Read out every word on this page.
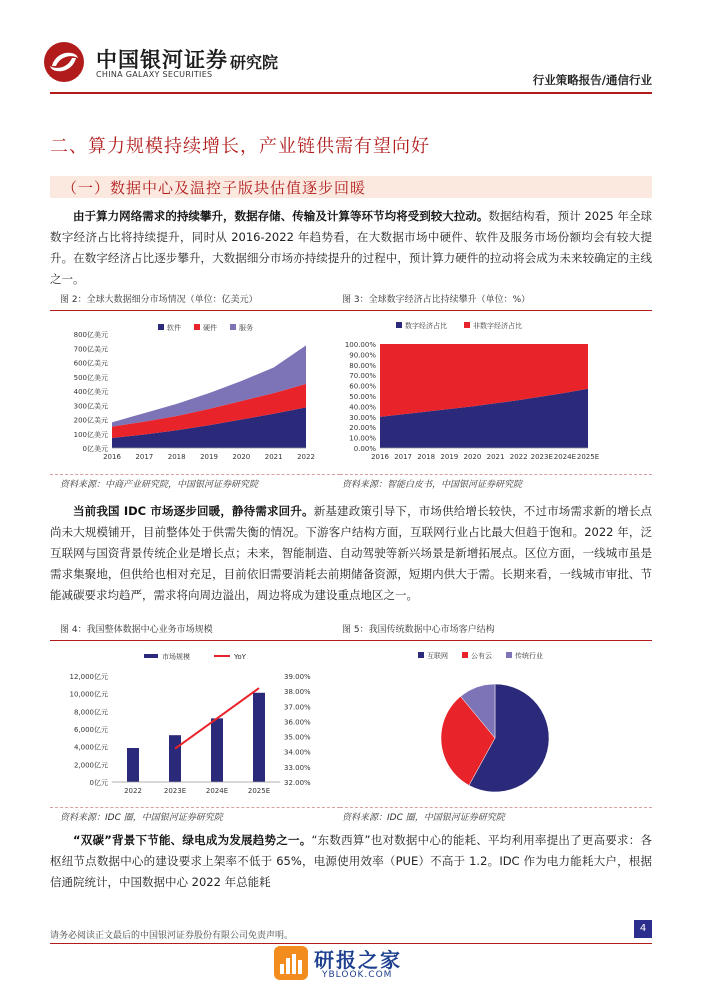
中国银河证券
CHINA GALAXY SECURITIES
研究院
行业策略报告/通信行业
二、算力规模持续增长，产业链供需有望向好
（一）数据中心及温控子版块估值逐步回暖
由于算力网络需求的持续攀升，数据存储、传输及计算等环节均将受到较大拉动。数据结构看，预计 2025 年全球数字经济占比将持续提升，同时从 2016-2022 年趋势看，在大数据市场中硬件、软件及服务市场份额均会有较大提升。在数字经济占比逐步攀升，大数据细分市场亦持续提升的过程中，预计算力硬件的拉动将会成为未来较确定的主线之一。
图 2：全球大数据细分市场情况（单位：亿美元）	图 3：全球数字经济占比持续攀升（单位：%）
软件	硬件	服务
0亿美元
100亿美元
200亿美元
300亿美元
400亿美元
500亿美元
600亿美元
700亿美元
800亿美元
2016 2017 2018 2019 2020 2021 2022
数字经济占比	非数字经济占比
0.00%
10.00%
20.00%
30.00%
40.00%
50.00%
60.00%
70.00%
80.00%
90.00%
100.00%
2016 2017 2018 2019 2020 2021 2022 2023E 2024E 2025E
资料来源：中商产业研究院，中国银河证券研究院	资料来源：智能白皮书，中国银河证券研究院
当前我国 IDC 市场逐步回暖，静待需求回升。新基建政策引导下，市场供给增长较快，不过市场需求新的增长点尚未大规模铺开，目前整体处于供需失衡的情况。下游客户结构方面，互联网行业占比最大但趋于饱和。2022 年，泛互联网与国资背景传统企业是增长点；未来，智能制造、自动驾驶等新兴场景是新增拓展点。区位方面，一线城市虽是需求集聚地，但供给也相对充足，目前依旧需要消耗去前期储备资源，短期内供大于需。长期来看，一线城市审批、节能减碳要求均趋严，需求将向周边溢出，周边将成为建设重点地区之一。
图 4：我国整体数据中心业务市场规模	图 5：我国传统数据中心市场客户结构
市场规模	YoY
0亿元
2,000亿元
4,000亿元
6,000亿元
8,000亿元
10,000亿元
12,000亿元
32.00%
33.00%
34.00%
35.00%
36.00%
37.00%
38.00%
39.00%
2022	2023E	2024E	2025E
互联网	公有云	传统行业
资料来源：IDC 圈，中国银河证券研究院	资料来源：IDC 圈，中国银河证券研究院
“双碳”背景下节能、绿电成为发展趋势之一。“东数西算”也对数据中心的能耗、平均利用率提出了更高要求：各枢纽节点数据中心的建设要求上架率不低于 65%，电源使用效率（PUE）不高于 1.2。IDC 作为电力能耗大户，根据信通院统计，中国数据中心 2022 年总能耗
请务必阅读正文最后的中国银河证券股份有限公司免责声明。
4
研报之家
YBLOOK.COM
